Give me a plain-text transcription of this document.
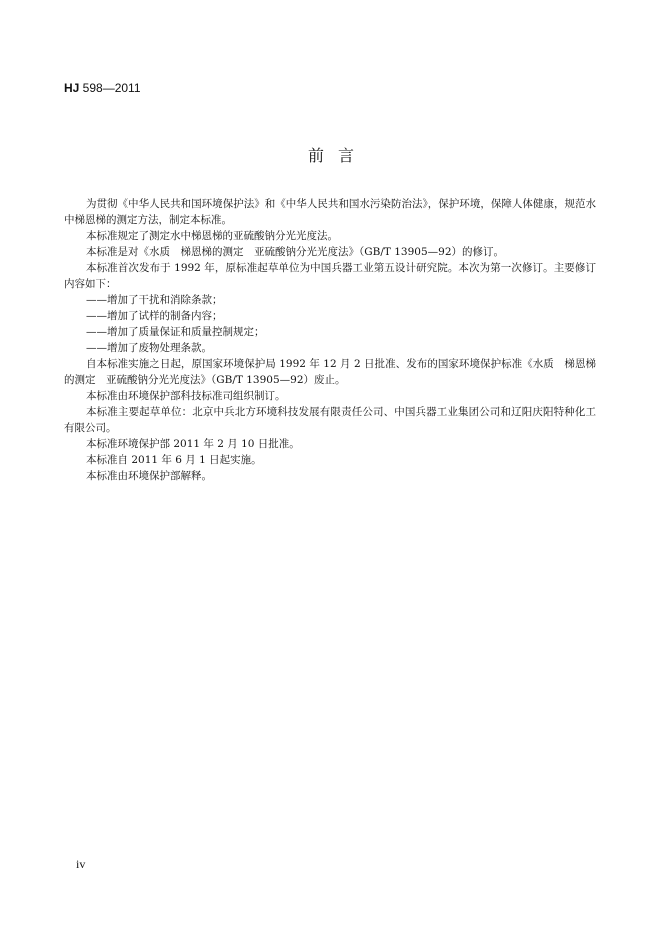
HJ 598—2011
前言

为贯彻《中华人民共和国环境保护法》和《中华人民共和国水污染防治法》，保护环境，保障人体健康，规范水中梯恩梯的测定方法，制定本标准。

本标准规定了测定水中梯恩梯的亚硫酸钠分光光度法。

本标准是对《水质　梯恩梯的测定　亚硫酸钠分光光度法》（GB/T 13905—92）的修订。

本标准首次发布于 1992 年，原标准起草单位为中国兵器工业第五设计研究院。本次为第一次修订。主要修订内容如下：

——增加了干扰和消除条款；

——增加了试样的制备内容；

——增加了质量保证和质量控制规定；

——增加了废物处理条款。

自本标准实施之日起，原国家环境保护局 1992 年 12 月 2 日批准、发布的国家环境保护标准《水质　梯恩梯的测定　亚硫酸钠分光光度法》（GB/T 13905—92）废止。

本标准由环境保护部科技标准司组织制订。

本标准主要起草单位：北京中兵北方环境科技发展有限责任公司、中国兵器工业集团公司和辽阳庆阳特种化工有限公司。

本标准环境保护部 2011 年 2 月 10 日批准。

本标准自 2011 年 6 月 1 日起实施。

本标准由环境保护部解释。

iv
